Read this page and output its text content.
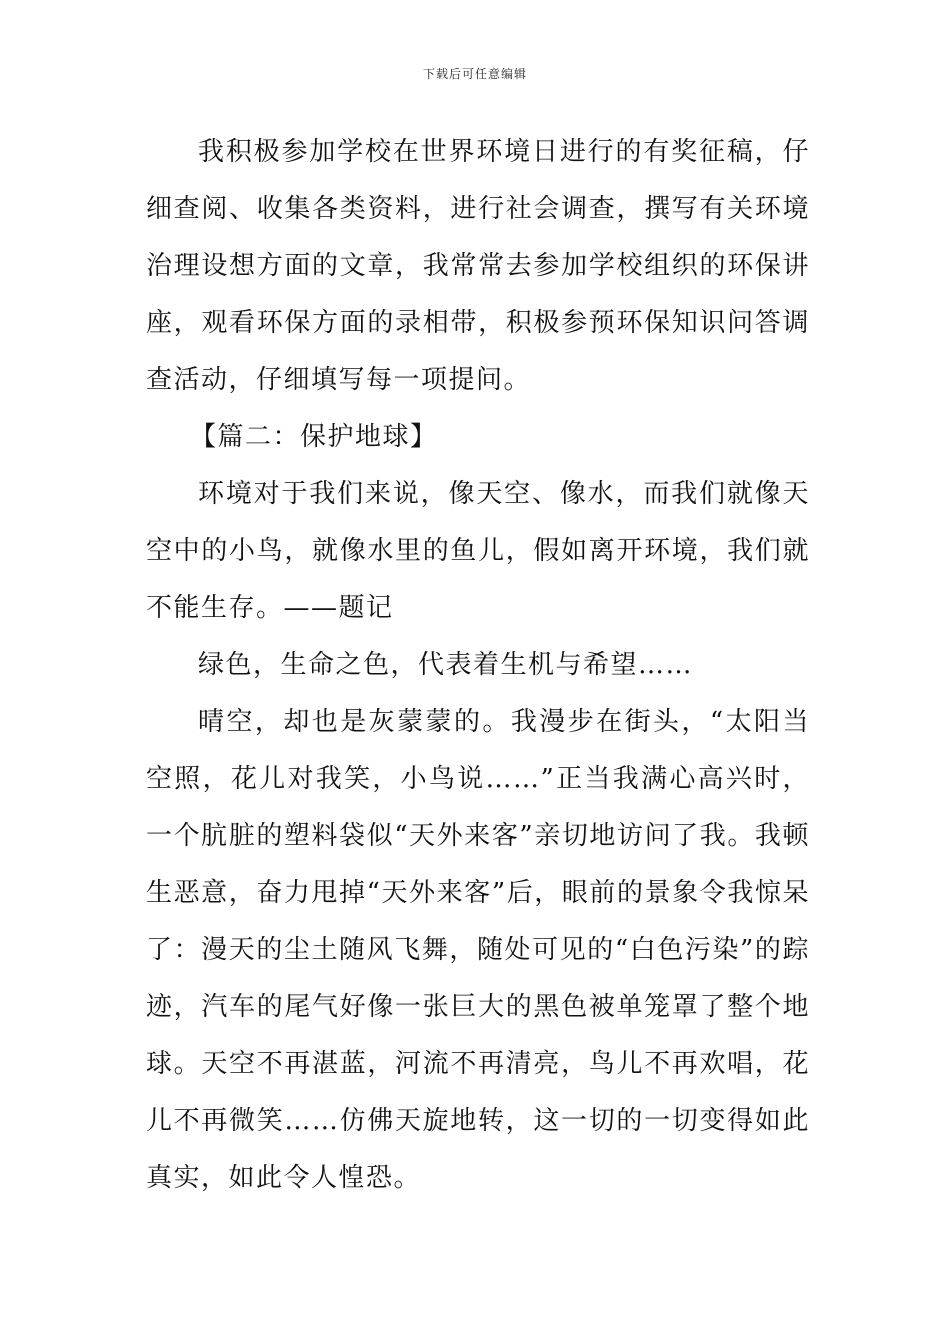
下载后可任意编辑

我积极参加学校在世界环境日进行的有奖征稿，仔细查阅、收集各类资料，进行社会调查，撰写有关环境治理设想方面的文章，我常常去参加学校组织的环保讲座，观看环保方面的录相带，积极参预环保知识问答调查活动，仔细填写每一项提问。

【篇二：保护地球】

环境对于我们来说，像天空、像水，而我们就像天空中的小鸟，就像水里的鱼儿，假如离开环境，我们就不能生存。——题记

绿色，生命之色，代表着生机与希望……

晴空，却也是灰蒙蒙的。我漫步在街头，“太阳当空照，花儿对我笑，小鸟说……”正当我满心高兴时，一个肮脏的塑料袋似“天外来客”亲切地访问了我。我顿生恶意，奋力甩掉“天外来客”后，眼前的景象令我惊呆了：漫天的尘土随风飞舞，随处可见的“白色污染”的踪迹，汽车的尾气好像一张巨大的黑色被单笼罩了整个地球。天空不再湛蓝，河流不再清亮，鸟儿不再欢唱，花儿不再微笑……仿佛天旋地转，这一切的一切变得如此真实，如此令人惶恐。
